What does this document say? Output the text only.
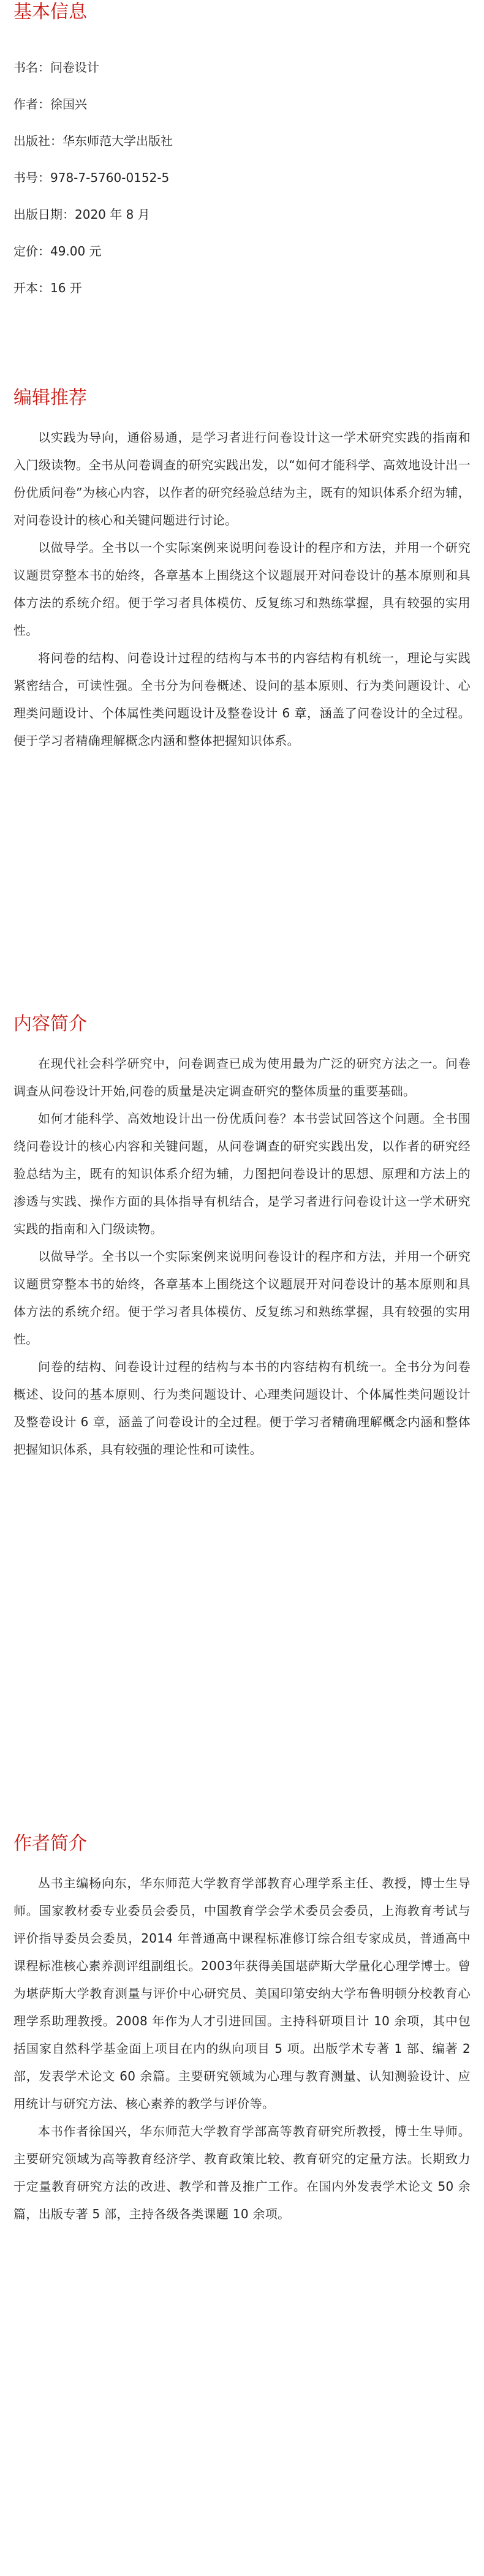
基本信息
书名：问卷设计
作者：徐国兴
出版社：华东师范大学出版社
书号：978-7-5760-0152-5
出版日期：2020 年 8 月
定价：49.00 元
开本：16 开
编辑推荐

以实践为导向，通俗易通，是学习者进行问卷设计这一学术研究实践的指南和入门级读物。全书从问卷调查的研究实践出发，以“如何才能科学、高效地设计出一份优质问卷”为核心内容，以作者的研究经验总结为主，既有的知识体系介绍为辅，对问卷设计的核心和关键问题进行讨论。

以做导学。全书以一个实际案例来说明问卷设计的程序和方法，并用一个研究议题贯穿整本书的始终，各章基本上围绕这个议题展开对问卷设计的基本原则和具体方法的系统介绍。便于学习者具体模仿、反复练习和熟练掌握，具有较强的实用性。

将问卷的结构、问卷设计过程的结构与本书的内容结构有机统一，理论与实践紧密结合，可读性强。全书分为问卷概述、设问的基本原则、行为类问题设计、心理类问题设计、个体属性类问题设计及整卷设计 6 章，涵盖了问卷设计的全过程。便于学习者精确理解概念内涵和整体把握知识体系。

内容简介

在现代社会科学研究中，问卷调查已成为使用最为广泛的研究方法之一。问卷调查从问卷设计开始,问卷的质量是决定调查研究的整体质量的重要基础。

如何才能科学、高效地设计出一份优质问卷？本书尝试回答这个问题。全书围绕问卷设计的核心内容和关键问题，从问卷调查的研究实践出发，以作者的研究经验总结为主，既有的知识体系介绍为辅，力图把问卷设计的思想、原理和方法上的渗透与实践、操作方面的具体指导有机结合，是学习者进行问卷设计这一学术研究实践的指南和入门级读物。

以做导学。全书以一个实际案例来说明问卷设计的程序和方法，并用一个研究议题贯穿整本书的始终，各章基本上围绕这个议题展开对问卷设计的基本原则和具体方法的系统介绍。便于学习者具体模仿、反复练习和熟练掌握，具有较强的实用性。

问卷的结构、问卷设计过程的结构与本书的内容结构有机统一。全书分为问卷概述、设问的基本原则、行为类问题设计、心理类问题设计、个体属性类问题设计及整卷设计 6 章，涵盖了问卷设计的全过程。便于学习者精确理解概念内涵和整体把握知识体系，具有较强的理论性和可读性。

作者简介

丛书主编杨向东，华东师范大学教育学部教育心理学系主任、教授，博士生导师。国家教材委专业委员会委员，中国教育学会学术委员会委员，上海教育考试与评价指导委员会委员，2014 年普通高中课程标准修订综合组专家成员，普通高中课程标准核心素养测评组副组长。2003年获得美国堪萨斯大学量化心理学博士。曾为堪萨斯大学教育测量与评价中心研究员、美国印第安纳大学布鲁明顿分校教育心理学系助理教授。2008 年作为人才引进回国。主持科研项目计 10 余项，其中包括国家自然科学基金面上项目在内的纵向项目 5 项。出版学术专著 1 部、编著 2 部，发表学术论文 60 余篇。主要研究领域为心理与教育测量、认知测验设计、应用统计与研究方法、核心素养的教学与评价等。

本书作者徐国兴，华东师范大学教育学部高等教育研究所教授，博士生导师。主要研究领域为高等教育经济学、教育政策比较、教育研究的定量方法。长期致力于定量教育研究方法的改进、教学和普及推广工作。在国内外发表学术论文 50 余篇，出版专著 5 部，主持各级各类课题 10 余项。
